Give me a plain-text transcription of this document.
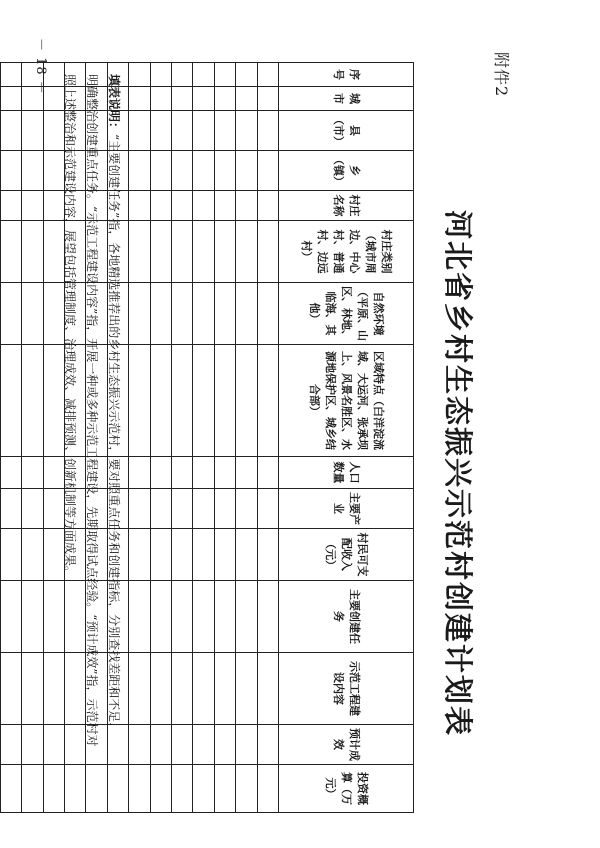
附件2
河北省乡村生态振兴示范村创建计划表
序号	城市	县（市）	乡（镇）	村庄名称	村庄类别（城市周边、中心村、普通村、边远村）	自然环境（平原、山区、林地、临海、其他）	区域特点（白洋淀流域、大运河、张承坝上、风景名胜区、水源地保护区、城乡结合部）	人口数量	主要产业	村民可支配收入（元）	主要创建任务	示范工程建设内容	预计成效	投资概算（万元）

填表说明：“主要创建任务”指，各地精选推荐出的乡村生态振兴示范村，要对照重点任务和创建指标，分别查找差距和不足，
明确整治创建重点任务。“示范工程建设内容”指，开展一种或多种示范工程建设，先期取得试点经验。“预计成效”指，示范村对
照上述整治和示范建设内容，展望包括管理制度、治理成效、减排预测、创新机制等方面成果。
－ 18 －
